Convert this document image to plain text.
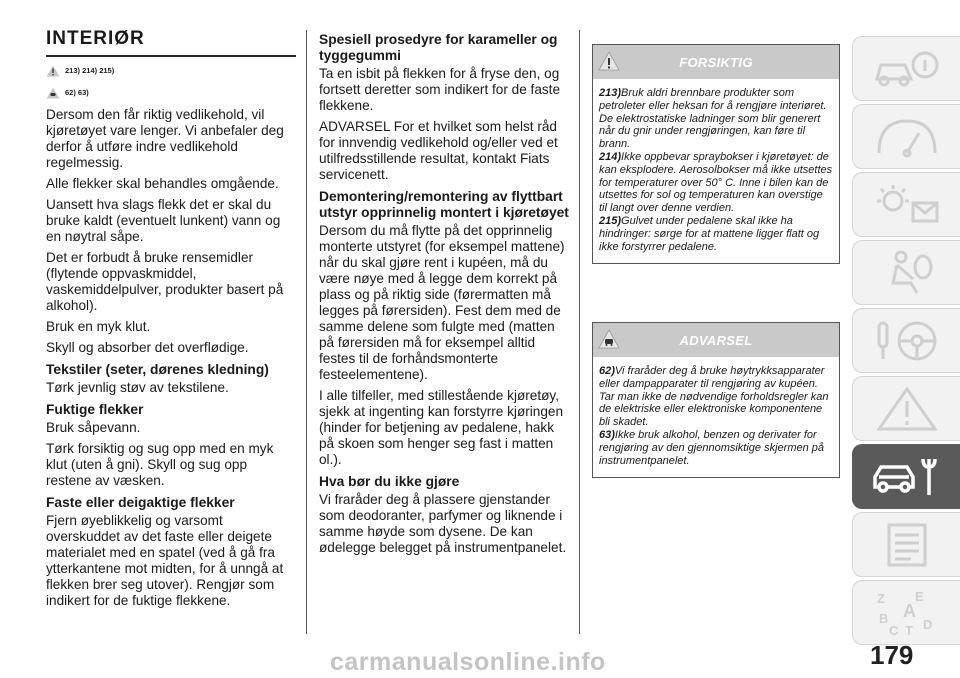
INTERIØR
213) 214) 215)
62) 63)

Dersom den får riktig vedlikehold, vil kjøretøyet vare lenger. Vi anbefaler deg derfor å utføre indre vedlikehold regelmessig.

Alle flekker skal behandles omgående.

Uansett hva slags flekk det er skal du bruke kaldt (eventuelt lunkent) vann og en nøytral såpe.

Det er forbudt å bruke rensemidler (flytende oppvaskmiddel, vaskemiddelpulver, produkter basert på alkohol).

Bruk en myk klut.

Skyll og absorber det overflødige.

Tekstiler (seter, dørenes kledning)

Tørk jevnlig støv av tekstilene.

Fuktige flekker

Bruk såpevann.

Tørk forsiktig og sug opp med en myk klut (uten å gni). Skyll og sug opp restene av væsken.

Faste eller deigaktige flekker

Fjern øyeblikkelig og varsomt overskuddet av det faste eller deigete materialet med en spatel (ved å gå fra ytterkantene mot midten, for å unngå at flekken brer seg utover). Rengjør som indikert for de fuktige flekkene.

Spesiell prosedyre for karameller og tyggegummi

Ta en isbit på flekken for å fryse den, og fortsett deretter som indikert for de faste flekkene.

ADVARSEL For et hvilket som helst råd for innvendig vedlikehold og/eller ved et utilfredsstillende resultat, kontakt Fiats servicenett.

Demontering/remontering av flyttbart utstyr opprinnelig montert i kjøretøyet

Dersom du må flytte på det opprinnelig monterte utstyret (for eksempel mattene) når du skal gjøre rent i kupéen, må du være nøye med å legge dem korrekt på plass og på riktig side (førermatten må legges på førersiden). Fest dem med de samme delene som fulgte med (matten på førersiden må for eksempel alltid festes til de forhåndsmonterte festeelementene).

I alle tilfeller, med stillestående kjøretøy, sjekk at ingenting kan forstyrre kjøringen (hinder for betjening av pedalene, hakk på skoen som henger seg fast i matten ol.).

Hva bør du ikke gjøre

Vi fraråder deg å plassere gjenstander som deodoranter, parfymer og liknende i samme høyde som dysene. De kan ødelegge belegget på instrumentpanelet.

FORSIKTIG
213)Bruk aldri brennbare produkter som petroleter eller heksan for å rengjøre interiøret. De elektrostatiske ladninger som blir generert når du gnir under rengjøringen, kan føre til brann.
214)Ikke oppbevar spraybokser i kjøretøyet: de kan eksplodere. Aerosolbokser må ikke utsettes for temperaturer over 50° C. Inne i bilen kan de utsettes for sol og temperaturen kan overstige til langt over denne verdien.
215)Gulvet under pedalene skal ikke ha hindringer: sørge for at mattene ligger flatt og ikke forstyrrer pedalene.
ADVARSEL
62)Vi fraråder deg å bruke høytrykksapparater eller dampapparater til rengjøring av kupéen. Tar man ikke de nødvendige forholdsregler kan de elektriske eller elektroniske komponentene bli skadet.
63)Ikke bruk alkohol, benzen og derivater for rengjøring av den gjennomsiktige skjermen på instrumentpanelet.
Z E
B A
C T D
179
carmanualsonline.info
